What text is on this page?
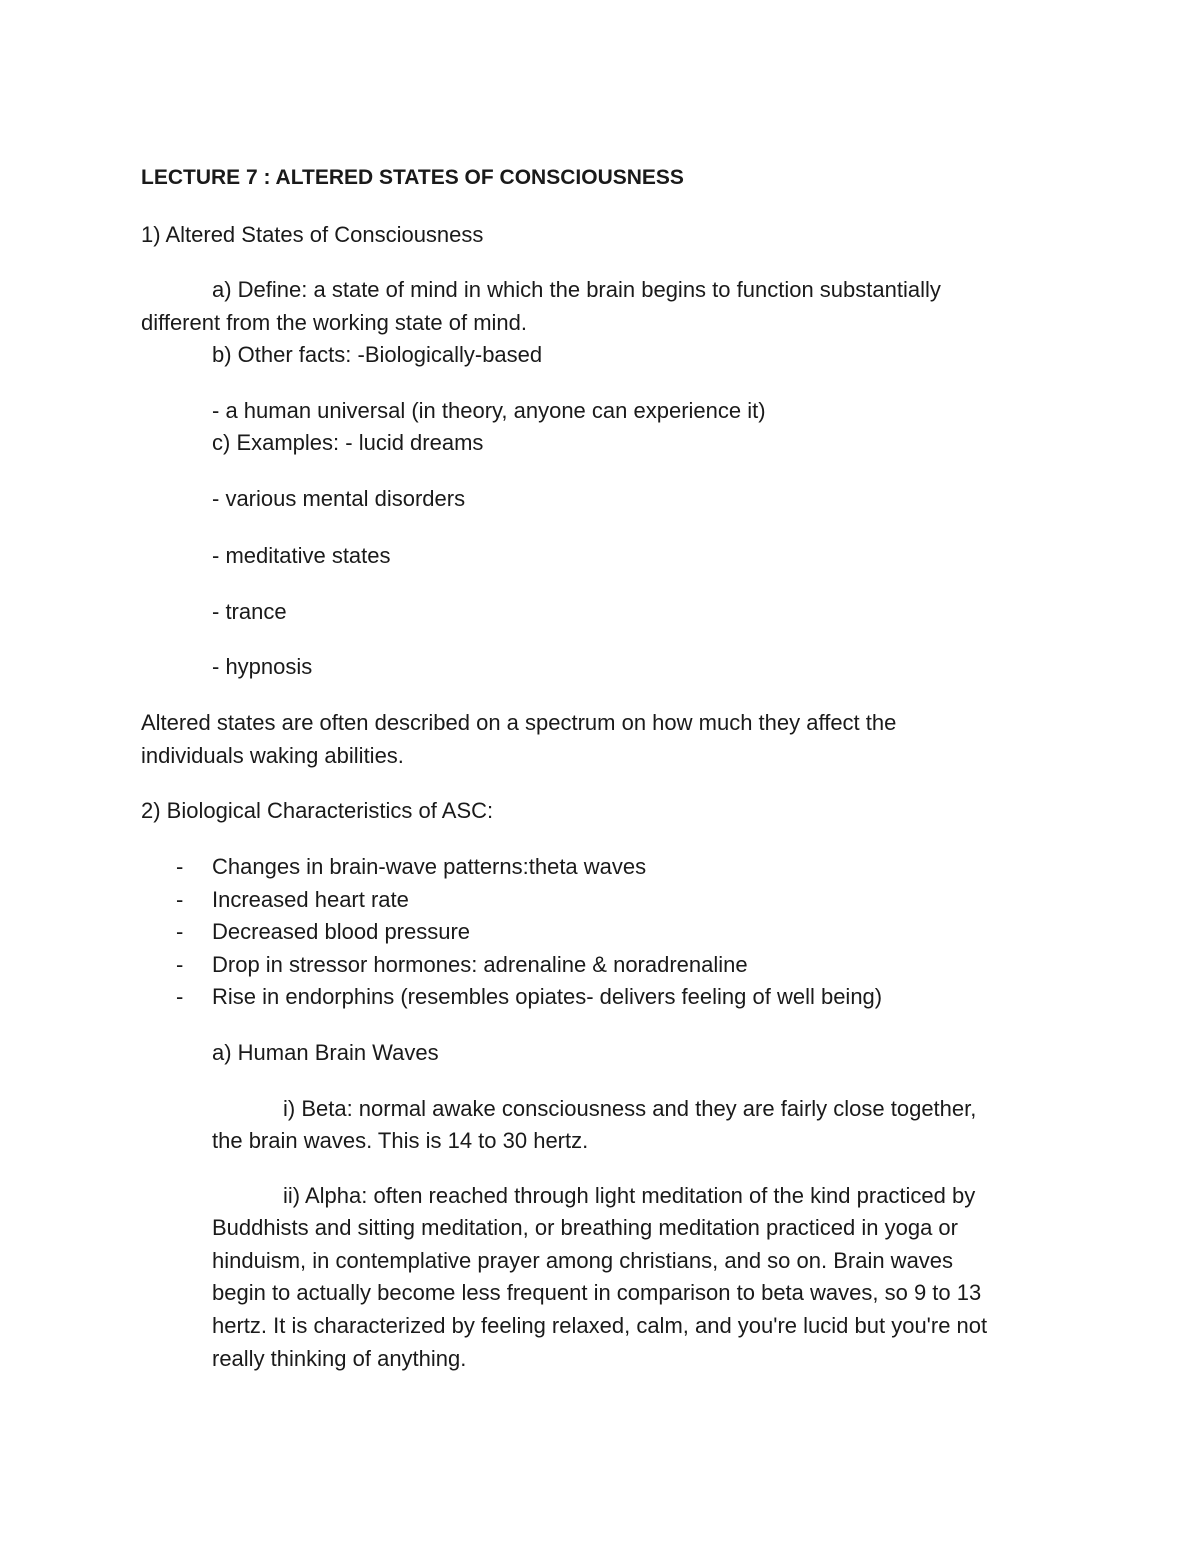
LECTURE 7 : ALTERED STATES OF CONSCIOUSNESS
1) Altered States of Consciousness
a) Define: a state of mind in which the brain begins to function substantially
different from the working state of mind.
b) Other facts: -Biologically-based
- a human universal (in theory, anyone can experience it)
c) Examples: - lucid dreams
- various mental disorders
- meditative states
- trance
- hypnosis
Altered states are often described on a spectrum on how much they affect the
individuals waking abilities.
2) Biological Characteristics of ASC:
- Changes in brain-wave patterns:theta waves
- Increased heart rate
- Decreased blood pressure
- Drop in stressor hormones: adrenaline & noradrenaline
- Rise in endorphins (resembles opiates- delivers feeling of well being)
a) Human Brain Waves
i) Beta: normal awake consciousness and they are fairly close together,
the brain waves. This is 14 to 30 hertz.
ii) Alpha: often reached through light meditation of the kind practiced by
Buddhists and sitting meditation, or breathing meditation practiced in yoga or
hinduism, in contemplative prayer among christians, and so on. Brain waves
begin to actually become less frequent in comparison to beta waves, so 9 to 13
hertz. It is characterized by feeling relaxed, calm, and you're lucid but you're not
really thinking of anything.
